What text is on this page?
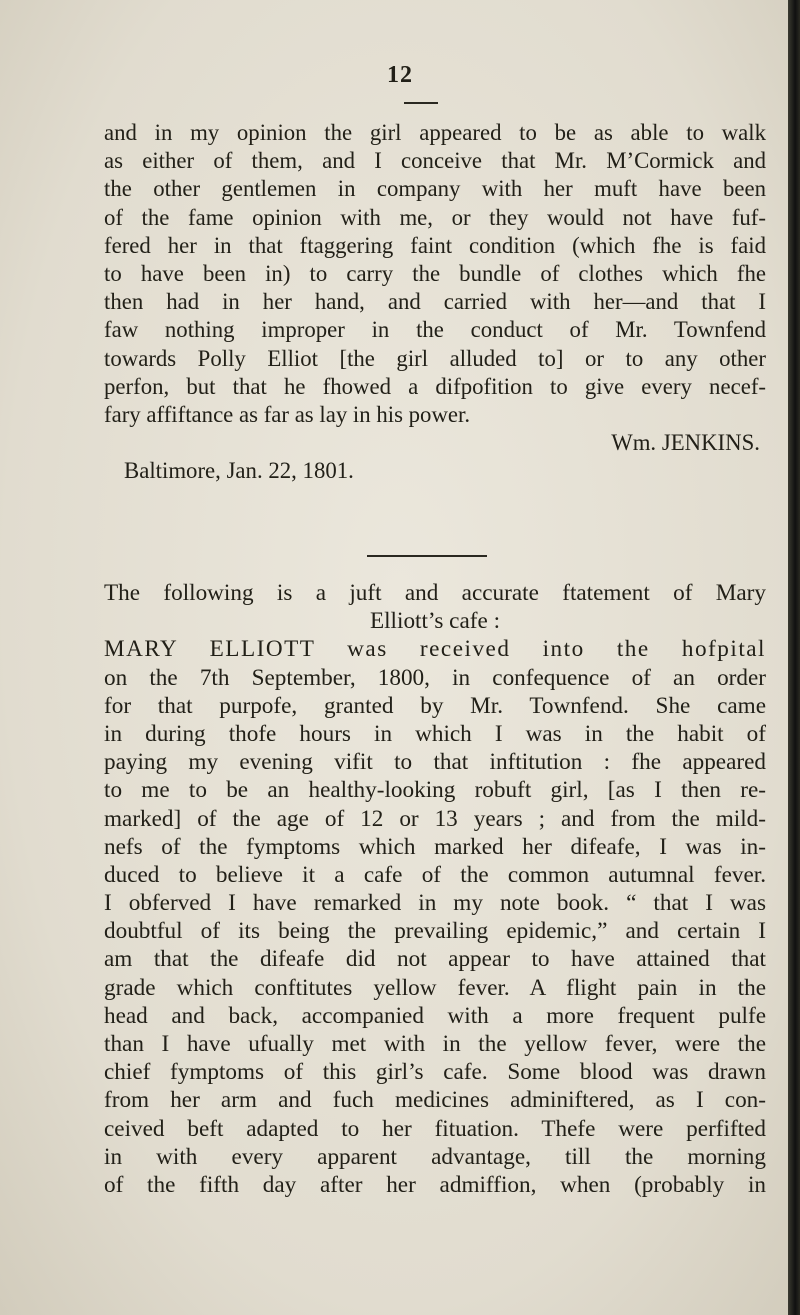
12
and in my opinion the girl appeared to be as able to walk
as either of them, and I conceive that Mr. M’Cormick and
the other gentlemen in company with her muft have been
of the fame opinion with me, or they would not have fuf-
fered her in that ftaggering faint condition (which fhe is faid
to have been in) to carry the bundle of clothes which fhe
then had in her hand, and carried with her—and that I
faw nothing improper in the conduct of Mr. Townfend
towards Polly Elliot [the girl alluded to] or to any other
perfon, but that he fhowed a difpofition to give every necef-
fary affiftance as far as lay in his power.
Wm. JENKINS.
Baltimore, Jan. 22, 1801.
The following is a juft and accurate ftatement of Mary
Elliott’s cafe :
MARY ELLIOTT was received into the hofpital
on the 7th September, 1800, in confequence of an order
for that purpofe, granted by Mr. Townfend. She came
in during thofe hours in which I was in the habit of
paying my evening vifit to that inftitution : fhe appeared
to me to be an healthy-looking robuft girl, [as I then re-
marked] of the age of 12 or 13 years ; and from the mild-
nefs of the fymptoms which marked her difeafe, I was in-
duced to believe it a cafe of the common autumnal fever.
I obferved I have remarked in my note book. “ that I was
doubtful of its being the prevailing epidemic,” and certain I
am that the difeafe did not appear to have attained that
grade which conftitutes yellow fever. A flight pain in the
head and back, accompanied with a more frequent pulfe
than I have ufually met with in the yellow fever, were the
chief fymptoms of this girl’s cafe. Some blood was drawn
from her arm and fuch medicines adminiftered, as I con-
ceived beft adapted to her fituation. Thefe were perfifted
in with every apparent advantage, till the morning
of the fifth day after her admiffion, when (probably in
